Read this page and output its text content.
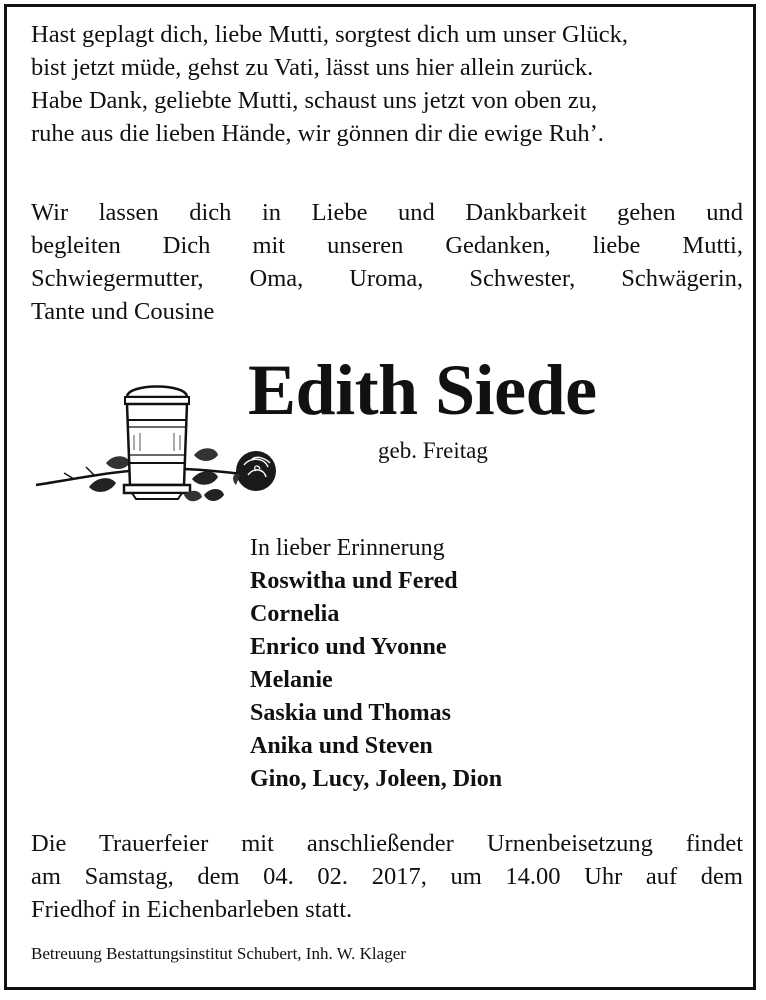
Hast geplagt dich, liebe Mutti, sorgtest dich um unser Glück,
bist jetzt müde, gehst zu Vati, lässt uns hier allein zurück.
Habe Dank, geliebte Mutti, schaust uns jetzt von oben zu,
ruhe aus die lieben Hände, wir gönnen dir die ewige Ruh’.

Wir lassen dich in Liebe und Dankbarkeit gehen und
begleiten Dich mit unseren Gedanken, liebe Mutti,
Schwiegermutter, Oma, Uroma, Schwester, Schwägerin,
Tante und Cousine

Edith Siede
geb. Freitag
In lieber Erinnerung
Roswitha und Fered
Cornelia
Enrico und Yvonne
Melanie
Saskia und Thomas
Anika und Steven
Gino, Lucy, Joleen, Dion

Die Trauerfeier mit anschließender Urnenbeisetzung findet
am Samstag, dem 04. 02. 2017, um 14.00 Uhr auf dem
Friedhof in Eichenbarleben statt.

Betreuung Bestattungsinstitut Schubert, Inh. W. Klager
